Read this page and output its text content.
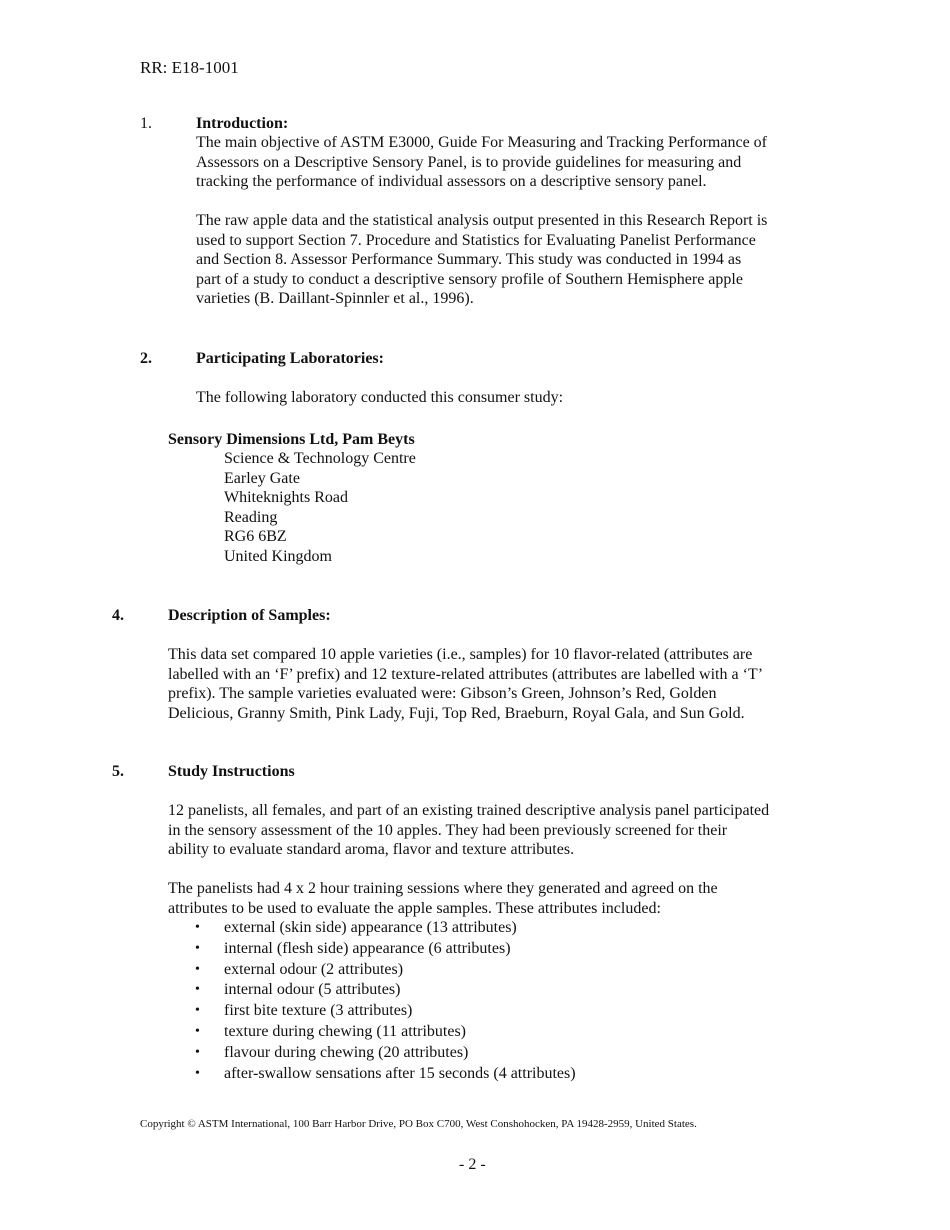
RR: E18-1001
1.	Introduction:
The main objective of ASTM E3000, Guide For Measuring and Tracking Performance of
Assessors on a Descriptive Sensory Panel, is to provide guidelines for measuring and
tracking the performance of individual assessors on a descriptive sensory panel.
The raw apple data and the statistical analysis output presented in this Research Report is
used to support Section 7. Procedure and Statistics for Evaluating Panelist Performance
and Section 8. Assessor Performance Summary. This study was conducted in 1994 as
part of a study to conduct a descriptive sensory profile of Southern Hemisphere apple
varieties (B. Daillant-Spinnler et al., 1996).
2.	Participating Laboratories:
The following laboratory conducted this consumer study:
Sensory Dimensions Ltd, Pam Beyts
Science & Technology Centre
Earley Gate
Whiteknights Road
Reading
RG6 6BZ
United Kingdom
4.	Description of Samples:
This data set compared 10 apple varieties (i.e., samples) for 10 flavor-related (attributes are
labelled with an ‘F’ prefix) and 12 texture-related attributes (attributes are labelled with a ‘T’
prefix). The sample varieties evaluated were: Gibson’s Green, Johnson’s Red, Golden
Delicious, Granny Smith, Pink Lady, Fuji, Top Red, Braeburn, Royal Gala, and Sun Gold.
5.	Study Instructions
12 panelists, all females, and part of an existing trained descriptive analysis panel participated
in the sensory assessment of the 10 apples. They had been previously screened for their
ability to evaluate standard aroma, flavor and texture attributes.
The panelists had 4 x 2 hour training sessions where they generated and agreed on the
attributes to be used to evaluate the apple samples. These attributes included:
• external (skin side) appearance (13 attributes)
• internal (flesh side) appearance (6 attributes)
• external odour (2 attributes)
• internal odour (5 attributes)
• first bite texture (3 attributes)
• texture during chewing (11 attributes)
• flavour during chewing (20 attributes)
• after-swallow sensations after 15 seconds (4 attributes)
Copyright © ASTM International, 100 Barr Harbor Drive, PO Box C700, West Conshohocken, PA 19428-2959, United States.
- 2 -
